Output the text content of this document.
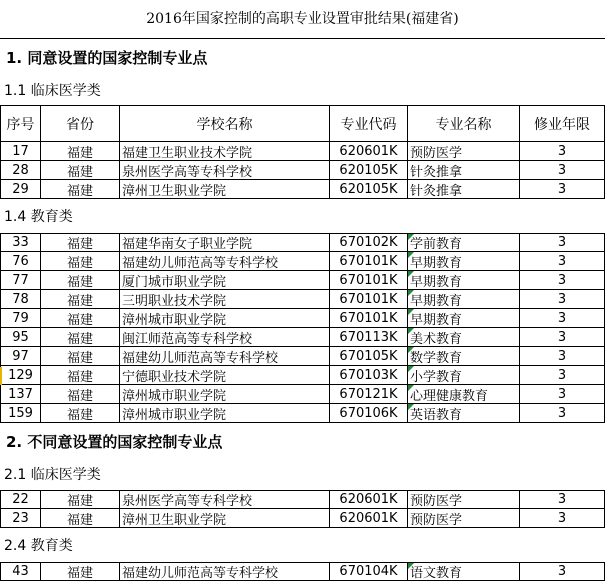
2016年国家控制的高职专业设置审批结果(福建省)
1. 同意设置的国家控制专业点
1.1 临床医学类
序号	省份	学校名称	专业代码	专业名称	修业年限
17	福建	福建卫生职业技术学院	620601K 预防医学	3
28	福建	泉州医学高等专科学校	620105K 针灸推拿	3
29	福建	漳州卫生职业学院	620105K 针灸推拿	3
1.4 教育类
33	福建	福建华南女子职业学院	670102K 学前教育	3
76	福建	福建幼儿师范高等专科学校	670101K 早期教育	3
77	福建	厦门城市职业学院	670101K 早期教育	3
78	福建	三明职业技术学院	670101K 早期教育	3
79	福建	漳州城市职业学院	670101K 早期教育	3
95	福建	闽江师范高等专科学校	670113K 美术教育	3
97	福建	福建幼儿师范高等专科学校	670105K 数学教育	3
129	福建	宁德职业技术学院	670103K 小学教育	3
137	福建	漳州城市职业学院	670121K 心理健康教育	3
159	福建	漳州城市职业学院	670106K 英语教育	3
2. 不同意设置的国家控制专业点
2.1 临床医学类
22	福建	泉州医学高等专科学校	620601K 预防医学	3
23	福建	漳州卫生职业学院	620601K 预防医学	3
2.4 教育类
43	福建	福建幼儿师范高等专科学校	670104K 语文教育	3
